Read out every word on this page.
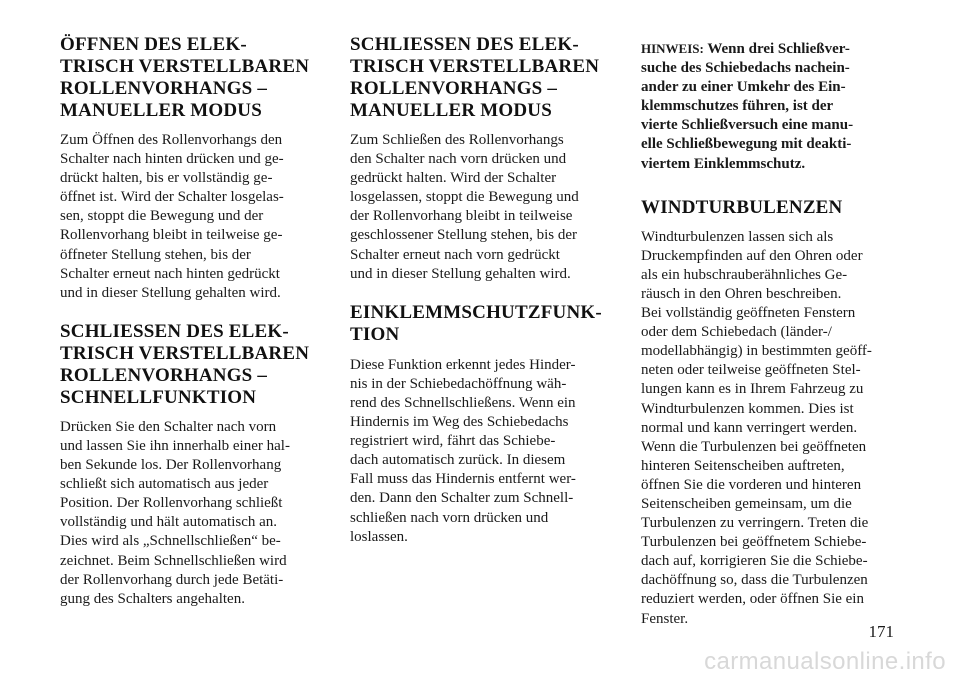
ÖFFNEN DES ELEK-
TRISCH VERSTELLBAREN
ROLLENVORHANGS –
MANUELLER MODUS

Zum Öffnen des Rollenvorhangs den
Schalter nach hinten drücken und ge-
drückt halten, bis er vollständig ge-
öffnet ist. Wird der Schalter losgelas-
sen, stoppt die Bewegung und der
Rollenvorhang bleibt in teilweise ge-
öffneter Stellung stehen, bis der
Schalter erneut nach hinten gedrückt
und in dieser Stellung gehalten wird.

SCHLIESSEN DES ELEK-
TRISCH VERSTELLBAREN
ROLLENVORHANGS –
SCHNELLFUNKTION

Drücken Sie den Schalter nach vorn
und lassen Sie ihn innerhalb einer hal-
ben Sekunde los. Der Rollenvorhang
schließt sich automatisch aus jeder
Position. Der Rollenvorhang schließt
vollständig und hält automatisch an.
Dies wird als „Schnellschließen“ be-
zeichnet. Beim Schnellschließen wird
der Rollenvorhang durch jede Betäti-
gung des Schalters angehalten.

SCHLIESSEN DES ELEK-
TRISCH VERSTELLBAREN
ROLLENVORHANGS –
MANUELLER MODUS

Zum Schließen des Rollenvorhangs
den Schalter nach vorn drücken und
gedrückt halten. Wird der Schalter
losgelassen, stoppt die Bewegung und
der Rollenvorhang bleibt in teilweise
geschlossener Stellung stehen, bis der
Schalter erneut nach vorn gedrückt
und in dieser Stellung gehalten wird.

EINKLEMMSCHUTZFUNK-
TION

Diese Funktion erkennt jedes Hinder-
nis in der Schiebedachöffnung wäh-
rend des Schnellschließens. Wenn ein
Hindernis im Weg des Schiebedachs
registriert wird, fährt das Schiebe-
dach automatisch zurück. In diesem
Fall muss das Hindernis entfernt wer-
den. Dann den Schalter zum Schnell-
schließen nach vorn drücken und
loslassen.

HINWEIS: Wenn drei Schließver-
suche des Schiebedachs nachein-
ander zu einer Umkehr des Ein-
klemmschutzes führen, ist der
vierte Schließversuch eine manu-
elle Schließbewegung mit deakti-
viertem Einklemmschutz.

WINDTURBULENZEN

Windturbulenzen lassen sich als
Druckempfinden auf den Ohren oder
als ein hubschrauberähnliches Ge-
räusch in den Ohren beschreiben.
Bei vollständig geöffneten Fenstern
oder dem Schiebedach (länder-/
modellabhängig) in bestimmten geöff-
neten oder teilweise geöffneten Stel-
lungen kann es in Ihrem Fahrzeug zu
Windturbulenzen kommen. Dies ist
normal und kann verringert werden.
Wenn die Turbulenzen bei geöffneten
hinteren Seitenscheiben auftreten,
öffnen Sie die vorderen und hinteren
Seitenscheiben gemeinsam, um die
Turbulenzen zu verringern. Treten die
Turbulenzen bei geöffnetem Schiebe-
dach auf, korrigieren Sie die Schiebe-
dachöffnung so, dass die Turbulenzen
reduziert werden, oder öffnen Sie ein
Fenster.

171
carmanualsonline.info
